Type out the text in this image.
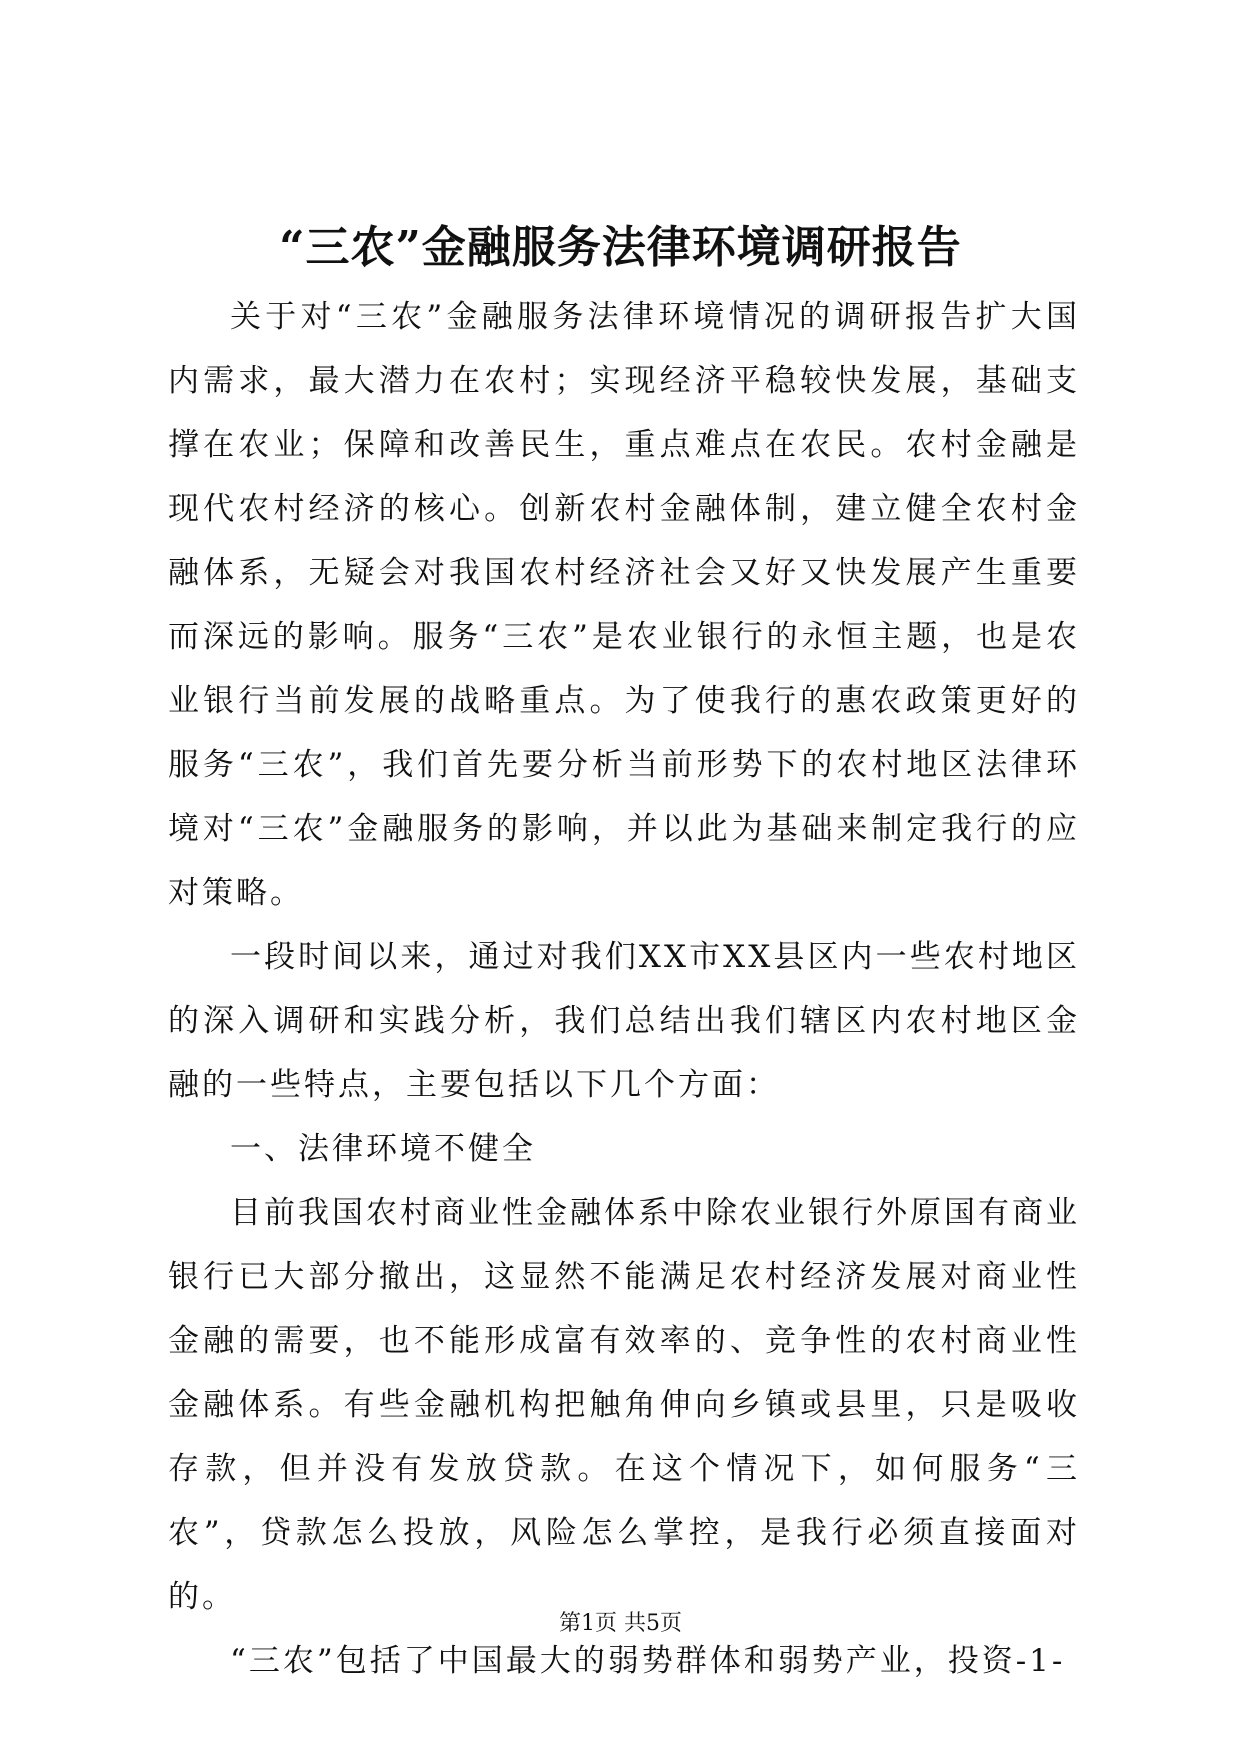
“三农”金融服务法律环境调研报告

关于对“三农”金融服务法律环境情况的调研报告扩大国内需求，最大潜力在农村；实现经济平稳较快发展，基础支撑在农业；保障和改善民生，重点难点在农民。农村金融是现代农村经济的核心。创新农村金融体制，建立健全农村金融体系，无疑会对我国农村经济社会又好又快发展产生重要而深远的影响。服务“三农”是农业银行的永恒主题，也是农业银行当前发展的战略重点。为了使我行的惠农政策更好的服务“三农”，我们首先要分析当前形势下的农村地区法律环境对“三农”金融服务的影响，并以此为基础来制定我行的应对策略。

一段时间以来，通过对我们XX市XX县区内一些农村地区的深入调研和实践分析，我们总结出我们辖区内农村地区金融的一些特点，主要包括以下几个方面：

一、法律环境不健全

目前我国农村商业性金融体系中除农业银行外原国有商业银行已大部分撤出，这显然不能满足农村经济发展对商业性金融的需要，也不能形成富有效率的、竞争性的农村商业性金融体系。有些金融机构把触角伸向乡镇或县里，只是吸收存款，但并没有发放贷款。在这个情况下，如何服务“三农”，贷款怎么投放，风险怎么掌控，是我行必须直接面对的。

“三农”包括了中国最大的弱势群体和弱势产业，投资-1-

第1页 共5页
